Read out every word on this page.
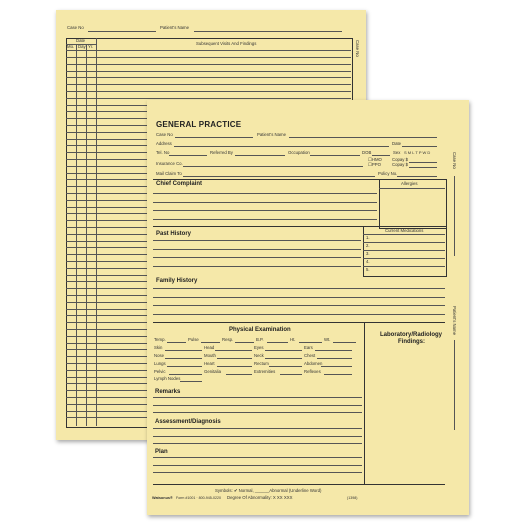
Case No	Patient's Name
Date
Mo. Day Yr.
Subsequent Visits And Findings	Case No
GENERAL PRACTICE
Case No	Patient's Name
Address	Date
Tel. No	Referred By	Occupation	DOB	Sex S M L T P W D
☐HMO Copay $
☐PPO	Copay $
Insurance Co.
Mail Claim To	Policy No.
Chief Complaint	Allergies
Past History
Current Medications
1.
2.
3.
4.
5.
Family History
Physical Examination
Temp.	Pulse	Resp.	B.P.	Ht.	Wt.
Skin	Head	Eyes	Ears
Nose	Mouth	Neck	Chest
Lungs	Heart	Rectum	Abdomen
Pelvic	Genitalia	Extremities	Reflexes
Lymph Nodes
Laboratory/Radiology
Findings:
Remarks
Assessment/Diagnosis
Plan
Symbols: ✔ Normal, ______Abnormal (Underline Word)
Degree Of Abnormality: X XX XXX
Watsonus® Form #1001 · 800-945-0220	(1398)
Case No
Patient's Name
